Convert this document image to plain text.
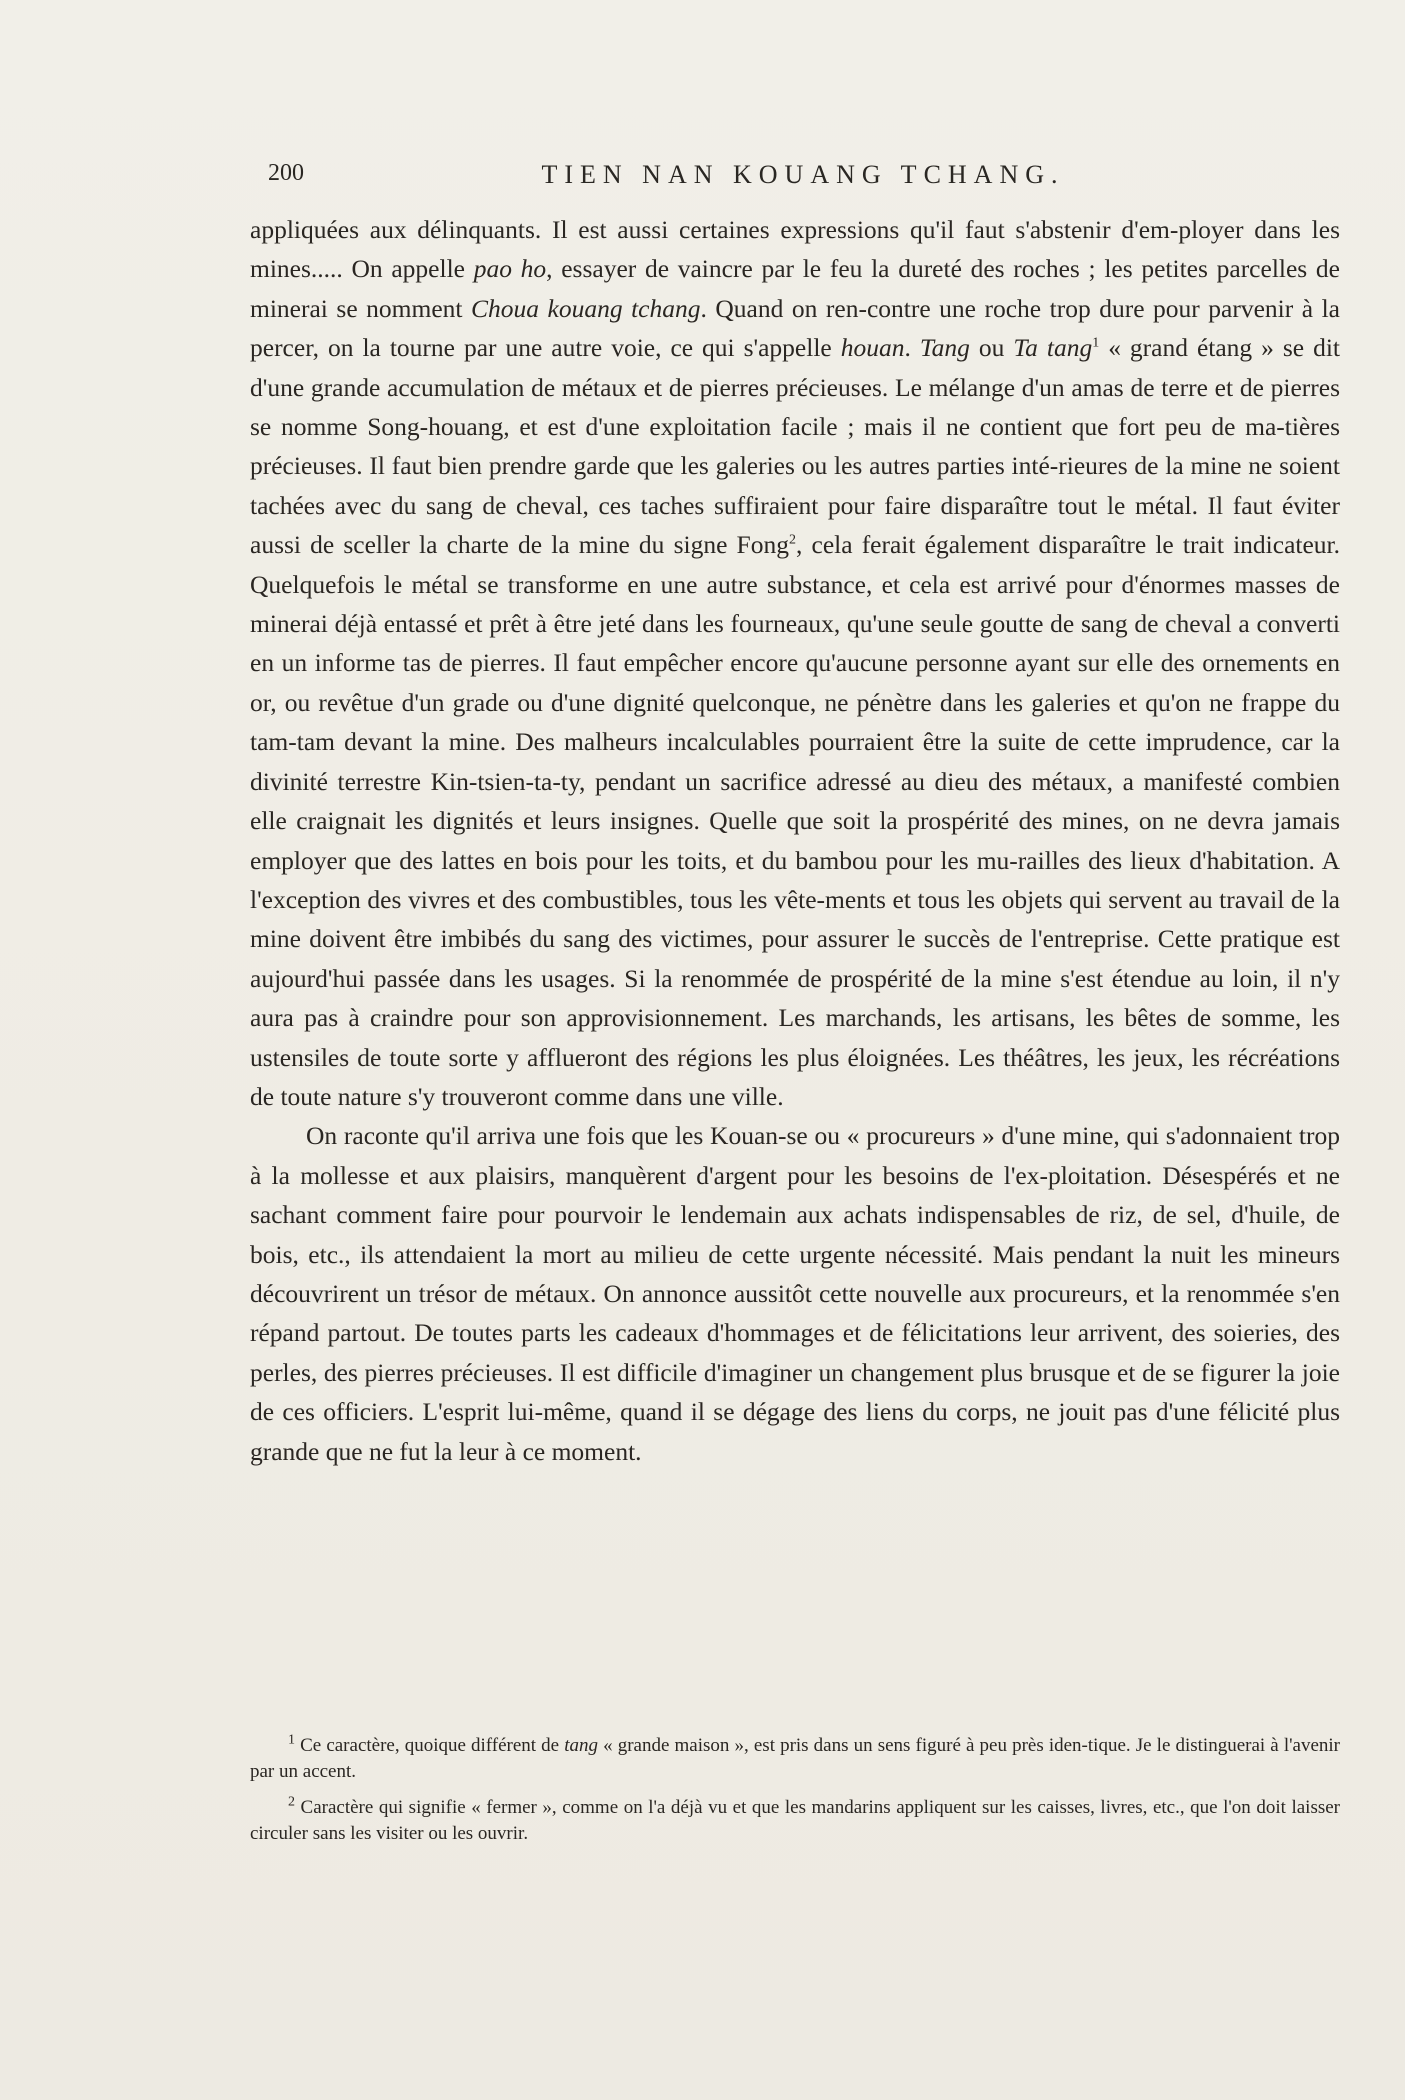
200	TIEN NAN KOUANG TCHANG.

appliquées aux délinquants. Il est aussi certaines expressions qu'il faut s'abstenir d'em-ployer dans les mines..... On appelle pao ho, essayer de vaincre par le feu la dureté des roches ; les petites parcelles de minerai se nomment Choua kouang tchang. Quand on ren-contre une roche trop dure pour parvenir à la percer, on la tourne par une autre voie, ce qui s'appelle houan. Tang ou Ta tang$^1$ « grand étang » se dit d'une grande accumulation de métaux et de pierres précieuses. Le mélange d'un amas de terre et de pierres se nomme Song-houang, et est d'une exploitation facile ; mais il ne contient que fort peu de ma-tières précieuses. Il faut bien prendre garde que les galeries ou les autres parties inté-rieures de la mine ne soient tachées avec du sang de cheval, ces taches suffiraient pour faire disparaître tout le métal. Il faut éviter aussi de sceller la charte de la mine du signe Fong$^2$, cela ferait également disparaître le trait indicateur. Quelquefois le métal se transforme en une autre substance, et cela est arrivé pour d'énormes masses de minerai déjà entassé et prêt à être jeté dans les fourneaux, qu'une seule goutte de sang de cheval a converti en un informe tas de pierres. Il faut empêcher encore qu'aucune personne ayant sur elle des ornements en or, ou revêtue d'un grade ou d'une dignité quelconque, ne pénètre dans les galeries et qu'on ne frappe du tam-tam devant la mine. Des malheurs incalculables pourraient être la suite de cette imprudence, car la divinité terrestre Kin-tsien-ta-ty, pendant un sacrifice adressé au dieu des métaux, a manifesté combien elle craignait les dignités et leurs insignes. Quelle que soit la prospérité des mines, on ne devra jamais employer que des lattes en bois pour les toits, et du bambou pour les mu-railles des lieux d'habitation. A l'exception des vivres et des combustibles, tous les vête-ments et tous les objets qui servent au travail de la mine doivent être imbibés du sang des victimes, pour assurer le succès de l'entreprise. Cette pratique est aujourd'hui passée dans les usages. Si la renommée de prospérité de la mine s'est étendue au loin, il n'y aura pas à craindre pour son approvisionnement. Les marchands, les artisans, les bêtes de somme, les ustensiles de toute sorte y afflueront des régions les plus éloignées. Les théâtres, les jeux, les récréations de toute nature s'y trouveront comme dans une ville.

On raconte qu'il arriva une fois que les Kouan-se ou « procureurs » d'une mine, qui s'adonnaient trop à la mollesse et aux plaisirs, manquèrent d'argent pour les besoins de l'ex-ploitation. Désespérés et ne sachant comment faire pour pourvoir le lendemain aux achats indispensables de riz, de sel, d'huile, de bois, etc., ils attendaient la mort au milieu de cette urgente nécessité. Mais pendant la nuit les mineurs découvrirent un trésor de métaux. On annonce aussitôt cette nouvelle aux procureurs, et la renommée s'en répand partout. De toutes parts les cadeaux d'hommages et de félicitations leur arrivent, des soieries, des perles, des pierres précieuses. Il est difficile d'imaginer un changement plus brusque et de se figurer la joie de ces officiers. L'esprit lui-même, quand il se dégage des liens du corps, ne jouit pas d'une félicité plus grande que ne fut la leur à ce moment.

$^1$ Ce caractère, quoique différent de tang « grande maison », est pris dans un sens figuré à peu près iden-tique. Je le distinguerai à l'avenir par un accent.

$^2$ Caractère qui signifie « fermer », comme on l'a déjà vu et que les mandarins appliquent sur les caisses, livres, etc., que l'on doit laisser circuler sans les visiter ou les ouvrir.
